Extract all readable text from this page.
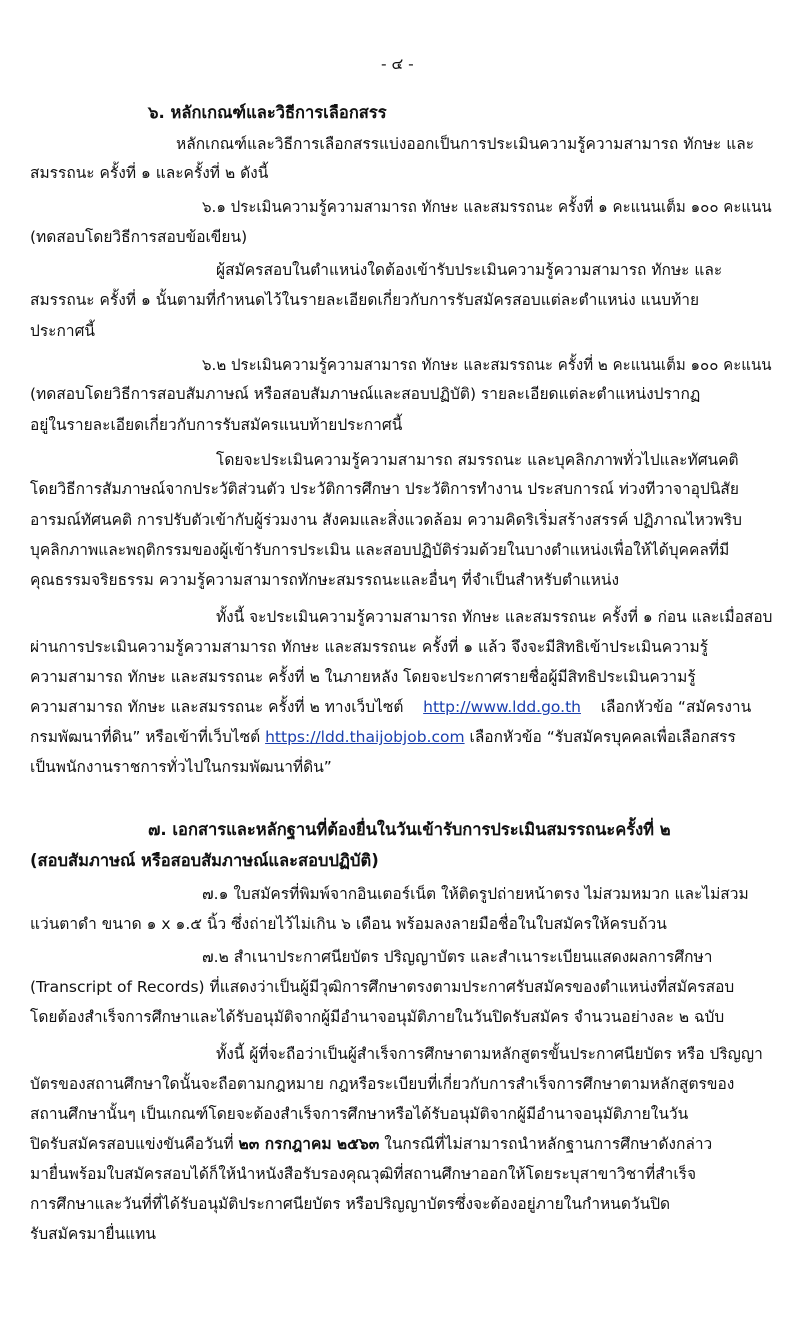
- ๔ -
๖. หลักเกณฑ์และวิธีการเลือกสรร
หลักเกณฑ์และวิธีการเลือกสรรแบ่งออกเป็นการประเมินความรู้ความสามารถ ทักษะ และ
สมรรถนะ ครั้งที่ ๑ และครั้งที่ ๒ ดังนี้
๖.๑ ประเมินความรู้ความสามารถ ทักษะ และสมรรถนะ ครั้งที่ ๑ คะแนนเต็ม ๑๐๐ คะแนน
(ทดสอบโดยวิธีการสอบข้อเขียน)
ผู้สมัครสอบในตำแหน่งใดต้องเข้ารับประเมินความรู้ความสามารถ ทักษะ และ
สมรรถนะ ครั้งที่ ๑ นั้นตามที่กำหนดไว้ในรายละเอียดเกี่ยวกับการรับสมัครสอบแต่ละตำแหน่ง แนบท้าย
ประกาศนี้
๖.๒ ประเมินความรู้ความสามารถ ทักษะ และสมรรถนะ ครั้งที่ ๒ คะแนนเต็ม ๑๐๐ คะแนน
(ทดสอบโดยวิธีการสอบสัมภาษณ์ หรือสอบสัมภาษณ์และสอบปฏิบัติ) รายละเอียดแต่ละตำแหน่งปรากฏ
อยู่ในรายละเอียดเกี่ยวกับการรับสมัครแนบท้ายประกาศนี้
โดยจะประเมินความรู้ความสามารถ สมรรถนะ และบุคลิกภาพทั่วไปและทัศนคติ
โดยวิธีการสัมภาษณ์จากประวัติส่วนตัว ประวัติการศึกษา ประวัติการทำงาน ประสบการณ์ ท่วงทีวาจาอุปนิสัย
อารมณ์ทัศนคติ การปรับตัวเข้ากับผู้ร่วมงาน สังคมและสิ่งแวดล้อม ความคิดริเริ่มสร้างสรรค์ ปฏิภาณไหวพริบ
บุคลิกภาพและพฤติกรรมของผู้เข้ารับการประเมิน และสอบปฏิบัติร่วมด้วยในบางตำแหน่งเพื่อให้ได้บุคคลที่มี
คุณธรรมจริยธรรม ความรู้ความสามารถทักษะสมรรถนะและอื่นๆ ที่จำเป็นสำหรับตำแหน่ง
ทั้งนี้ จะประเมินความรู้ความสามารถ ทักษะ และสมรรถนะ ครั้งที่ ๑ ก่อน และเมื่อสอบ
ผ่านการประเมินความรู้ความสามารถ ทักษะ และสมรรถนะ ครั้งที่ ๑ แล้ว จึงจะมีสิทธิเข้าประเมินความรู้
ความสามารถ ทักษะ และสมรรถนะ ครั้งที่ ๒ ในภายหลัง โดยจะประกาศรายชื่อผู้มีสิทธิประเมินความรู้
ความสามารถ ทักษะ และสมรรถนะ ครั้งที่ ๒ ทางเว็บไซต์ http://www.ldd.go.th เลือกหัวข้อ “สมัครงาน
กรมพัฒนาที่ดิน” หรือเข้าที่เว็บไซต์ https://ldd.thaijobjob.com เลือกหัวข้อ “รับสมัครบุคคลเพื่อเลือกสรร
เป็นพนักงานราชการทั่วไปในกรมพัฒนาที่ดิน”
๗. เอกสารและหลักฐานที่ต้องยื่นในวันเข้ารับการประเมินสมรรถนะครั้งที่ ๒
(สอบสัมภาษณ์ หรือสอบสัมภาษณ์และสอบปฏิบัติ)
๗.๑ ใบสมัครที่พิมพ์จากอินเตอร์เน็ต ให้ติดรูปถ่ายหน้าตรง ไม่สวมหมวก และไม่สวม
แว่นตาดำ ขนาด ๑ x ๑.๕ นิ้ว ซึ่งถ่ายไว้ไม่เกิน ๖ เดือน พร้อมลงลายมือชื่อในใบสมัครให้ครบถ้วน
๗.๒ สำเนาประกาศนียบัตร ปริญญาบัตร และสำเนาระเบียนแสดงผลการศึกษา
(Transcript of Records) ที่แสดงว่าเป็นผู้มีวุฒิการศึกษาตรงตามประกาศรับสมัครของตำแหน่งที่สมัครสอบ
โดยต้องสำเร็จการศึกษาและได้รับอนุมัติจากผู้มีอำนาจอนุมัติภายในวันปิดรับสมัคร จำนวนอย่างละ ๒ ฉบับ
ทั้งนี้ ผู้ที่จะถือว่าเป็นผู้สำเร็จการศึกษาตามหลักสูตรขั้นประกาศนียบัตร หรือ ปริญญา
บัตรของสถานศึกษาใดนั้นจะถือตามกฎหมาย กฎหรือระเบียบที่เกี่ยวกับการสำเร็จการศึกษาตามหลักสูตรของ
สถานศึกษานั้นๆ เป็นเกณฑ์โดยจะต้องสำเร็จการศึกษาหรือได้รับอนุมัติจากผู้มีอำนาจอนุมัติภายในวัน
ปิดรับสมัครสอบแข่งขันคือวันที่ ๒๓ กรกฎาคม ๒๕๖๓ ในกรณีที่ไม่สามารถนำหลักฐานการศึกษาดังกล่าว
มายื่นพร้อมใบสมัครสอบได้ก็ให้นำหนังสือรับรองคุณวุฒิที่สถานศึกษาออกให้โดยระบุสาขาวิชาที่สำเร็จ
การศึกษาและวันที่ที่ได้รับอนุมัติประกาศนียบัตร หรือปริญญาบัตรซึ่งจะต้องอยู่ภายในกำหนดวันปิด
รับสมัครมายื่นแทน
